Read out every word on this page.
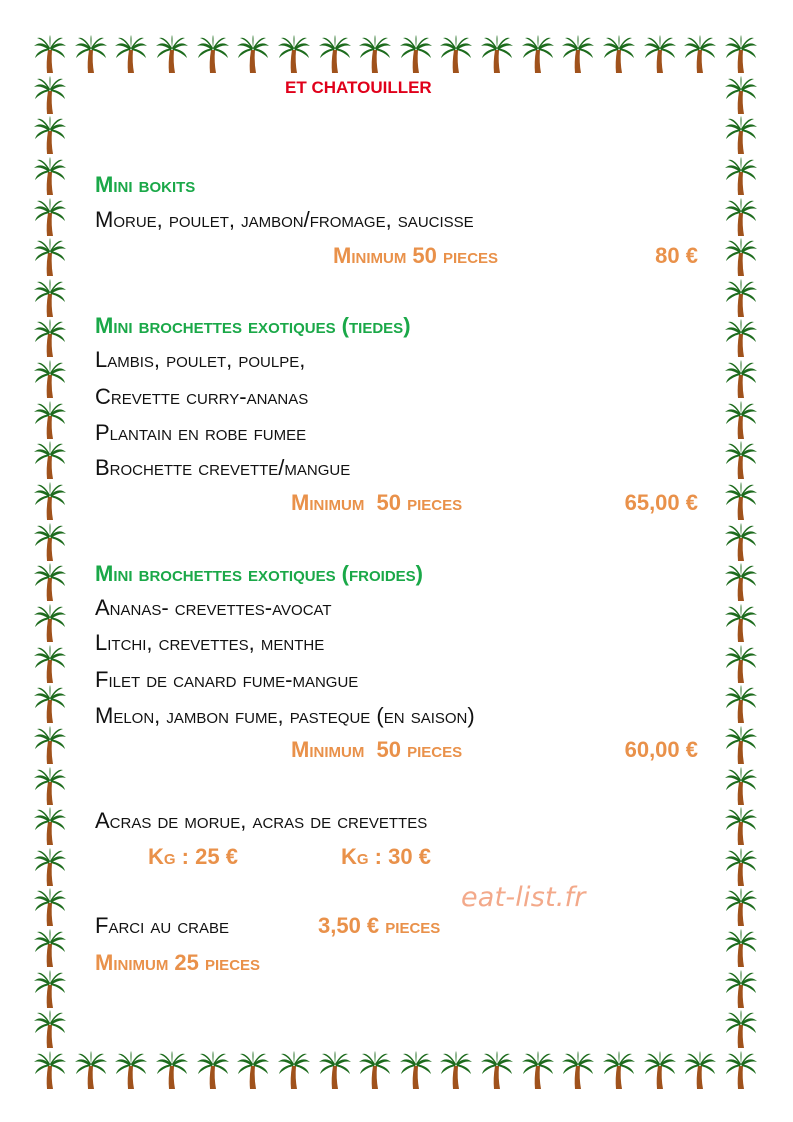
ET CHATOUILLER
Mini bokits
Morue, poulet, jambon/fromage, saucisse
Minimum 50 pieces	80 €
Mini brochettes exotiques (tiedes)
Lambis, poulet, poulpe,
Crevette curry-ananas
Plantain en robe fumee
Brochette crevette/mangue
Minimum  50 pieces	65,00 €
Mini brochettes exotiques (froides)
Ananas- crevettes-avocat
Litchi, crevettes, menthe
Filet de canard fume-mangue
Melon, jambon fume, pasteque (en saison)
Minimum  50 pieces	60,00 €
Acras de morue, acras de crevettes
Kg : 25 €	Kg : 30 €
eat-list.fr
Farci au crabe	3,50 € pieces
Minimum 25 pieces
